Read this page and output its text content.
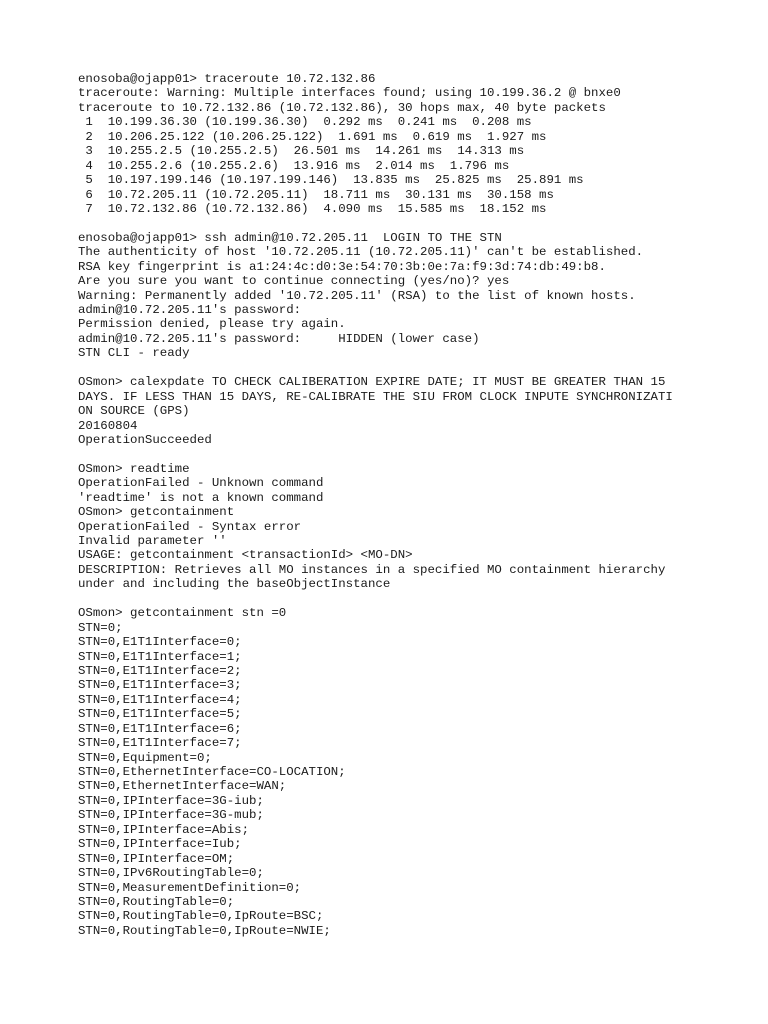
enosoba@ojapp01> traceroute 10.72.132.86
traceroute: Warning: Multiple interfaces found; using 10.199.36.2 @ bnxe0
traceroute to 10.72.132.86 (10.72.132.86), 30 hops max, 40 byte packets
1  10.199.36.30 (10.199.36.30)  0.292 ms  0.241 ms  0.208 ms
2  10.206.25.122 (10.206.25.122)  1.691 ms  0.619 ms  1.927 ms
3  10.255.2.5 (10.255.2.5)  26.501 ms  14.261 ms  14.313 ms
4  10.255.2.6 (10.255.2.6)  13.916 ms  2.014 ms  1.796 ms
5  10.197.199.146 (10.197.199.146)  13.835 ms  25.825 ms  25.891 ms
6  10.72.205.11 (10.72.205.11)  18.711 ms  30.131 ms  30.158 ms
7  10.72.132.86 (10.72.132.86)  4.090 ms  15.585 ms  18.152 ms
enosoba@ojapp01> ssh admin@10.72.205.11  LOGIN TO THE STN
The authenticity of host '10.72.205.11 (10.72.205.11)' can't be established.
RSA key fingerprint is a1:24:4c:d0:3e:54:70:3b:0e:7a:f9:3d:74:db:49:b8.
Are you sure you want to continue connecting (yes/no)? yes
Warning: Permanently added '10.72.205.11' (RSA) to the list of known hosts.
admin@10.72.205.11's password:
Permission denied, please try again.
admin@10.72.205.11's password:     HIDDEN (lower case)
STN CLI - ready
OSmon> calexpdate TO CHECK CALIBERATION EXPIRE DATE; IT MUST BE GREATER THAN 15
DAYS. IF LESS THAN 15 DAYS, RE-CALIBRATE THE SIU FROM CLOCK INPUTE SYNCHRONIZATI
ON SOURCE (GPS)
20160804
OperationSucceeded
OSmon> readtime
OperationFailed - Unknown command
'readtime' is not a known command
OSmon> getcontainment
OperationFailed - Syntax error
Invalid parameter ''
USAGE: getcontainment <transactionId> <MO-DN>
DESCRIPTION: Retrieves all MO instances in a specified MO containment hierarchy
under and including the baseObjectInstance
OSmon> getcontainment stn =0
STN=0;
STN=0,E1T1Interface=0;
STN=0,E1T1Interface=1;
STN=0,E1T1Interface=2;
STN=0,E1T1Interface=3;
STN=0,E1T1Interface=4;
STN=0,E1T1Interface=5;
STN=0,E1T1Interface=6;
STN=0,E1T1Interface=7;
STN=0,Equipment=0;
STN=0,EthernetInterface=CO-LOCATION;
STN=0,EthernetInterface=WAN;
STN=0,IPInterface=3G-iub;
STN=0,IPInterface=3G-mub;
STN=0,IPInterface=Abis;
STN=0,IPInterface=Iub;
STN=0,IPInterface=OM;
STN=0,IPv6RoutingTable=0;
STN=0,MeasurementDefinition=0;
STN=0,RoutingTable=0;
STN=0,RoutingTable=0,IpRoute=BSC;
STN=0,RoutingTable=0,IpRoute=NWIE;
